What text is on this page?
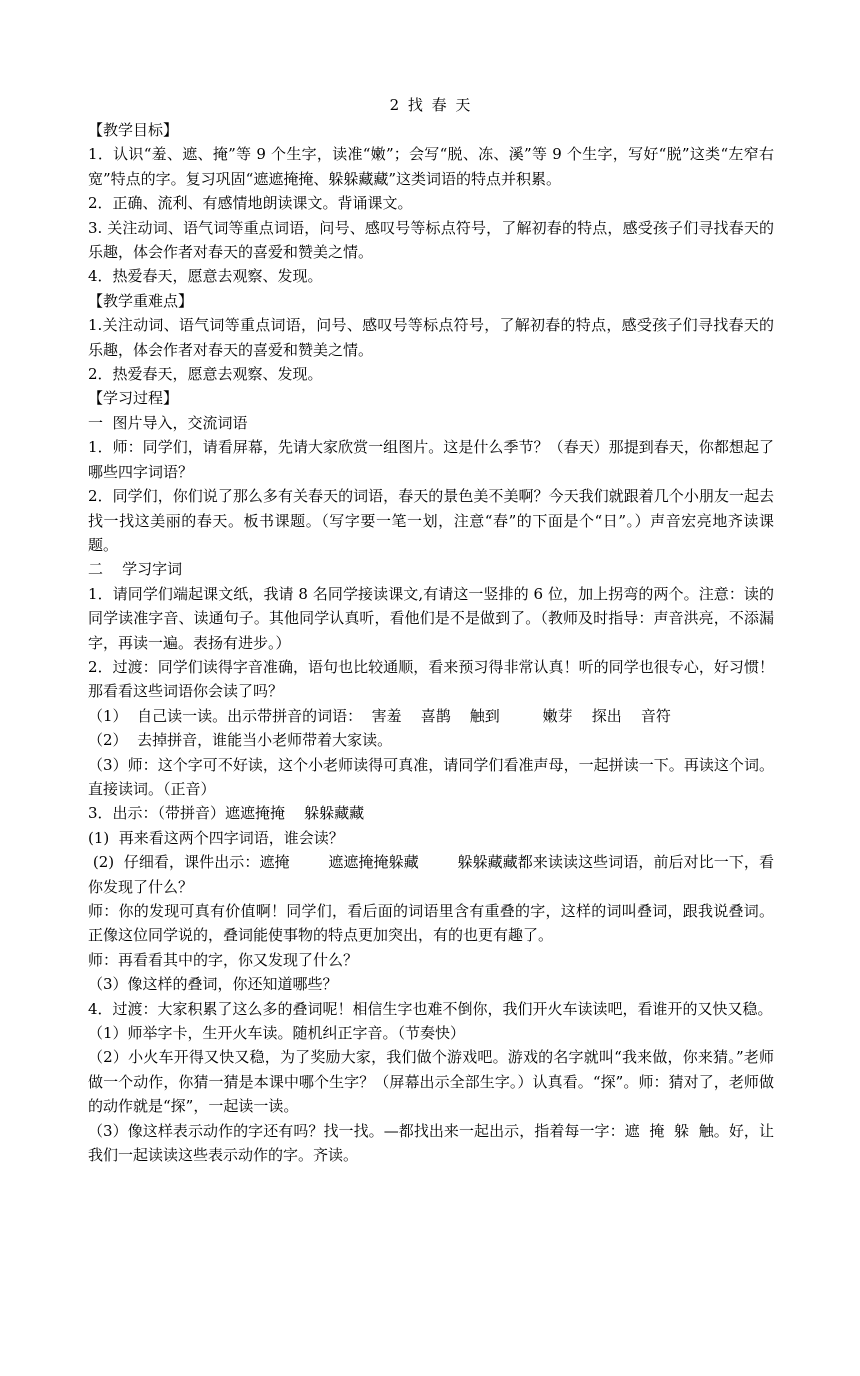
2 找 春 天
【教学目标】
1．认识“羞、遮、掩”等 9 个生字，读准“嫩”；会写“脱、冻、溪”等 9 个生字，写好“脱”这类“左窄右宽”特点的字。复习巩固“遮遮掩掩、躲躲藏藏”这类词语的特点并积累。
2．正确、流利、有感情地朗读课文。背诵课文。
3. 关注动词、语气词等重点词语，问号、感叹号等标点符号，了解初春的特点，感受孩子们寻找春天的乐趣，体会作者对春天的喜爱和赞美之情。
4．热爱春天，愿意去观察、发现。
【教学重难点】
1.关注动词、语气词等重点词语，问号、感叹号等标点符号，了解初春的特点，感受孩子们寻找春天的乐趣，体会作者对春天的喜爱和赞美之情。
2．热爱春天，愿意去观察、发现。
【学习过程】
一  图片导入，交流词语
1．师：同学们，请看屏幕，先请大家欣赏一组图片。这是什么季节？（春天）那提到春天，你都想起了哪些四字词语？
2．同学们，你们说了那么多有关春天的词语，春天的景色美不美啊？今天我们就跟着几个小朋友一起去找一找这美丽的春天。板书课题。（写字要一笔一划，注意“春”的下面是个“日”。）声音宏亮地齐读课题。
二    学习字词
1．请同学们端起课文纸，我请 8 名同学接读课文,有请这一竖排的 6 位，加上拐弯的两个。注意：读的同学读准字音、读通句子。其他同学认真听，看他们是不是做到了。（教师及时指导：声音洪亮，不添漏字，再读一遍。表扬有进步。）
2．过渡：同学们读得字音准确，语句也比较通顺，看来预习得非常认真！听的同学也很专心，好习惯！那看看这些词语你会读了吗？
（1）  自己读一读。出示带拼音的词语：  害羞    喜鹊    触到         嫩芽    探出    音符
（2）  去掉拼音，谁能当小老师带着大家读。
（3）师：这个字可不好读，这个小老师读得可真准，请同学们看准声母，一起拼读一下。再读这个词。直接读词。（正音）
3．出示：（带拼音）遮遮掩掩    躲躲藏藏
(1)  再来看这两个四字词语，谁会读？
(2)  仔细看，课件出示：遮掩        遮遮掩掩躲藏        躲躲藏藏都来读读这些词语，前后对比一下，看你发现了什么？
师：你的发现可真有价值啊！同学们，看后面的词语里含有重叠的字，这样的词叫叠词，跟我说叠词。正像这位同学说的，叠词能使事物的特点更加突出，有的也更有趣了。
师：再看看其中的字，你又发现了什么？
（3）像这样的叠词，你还知道哪些？
4．过渡：大家积累了这么多的叠词呢！相信生字也难不倒你，我们开火车读读吧，看谁开的又快又稳。
（1）师举字卡，生开火车读。随机纠正字音。（节奏快）
（2）小火车开得又快又稳，为了奖励大家，我们做个游戏吧。游戏的名字就叫“我来做，你来猜。”老师做一个动作，你猜一猜是本课中哪个生字？（屏幕出示全部生字。）认真看。“探”。师：猜对了，老师做的动作就是“探”，一起读一读。
（3）像这样表示动作的字还有吗？找一找。—都找出来一起出示，指着每一字：遮  掩  躲  触。好，让我们一起读读这些表示动作的字。齐读。
